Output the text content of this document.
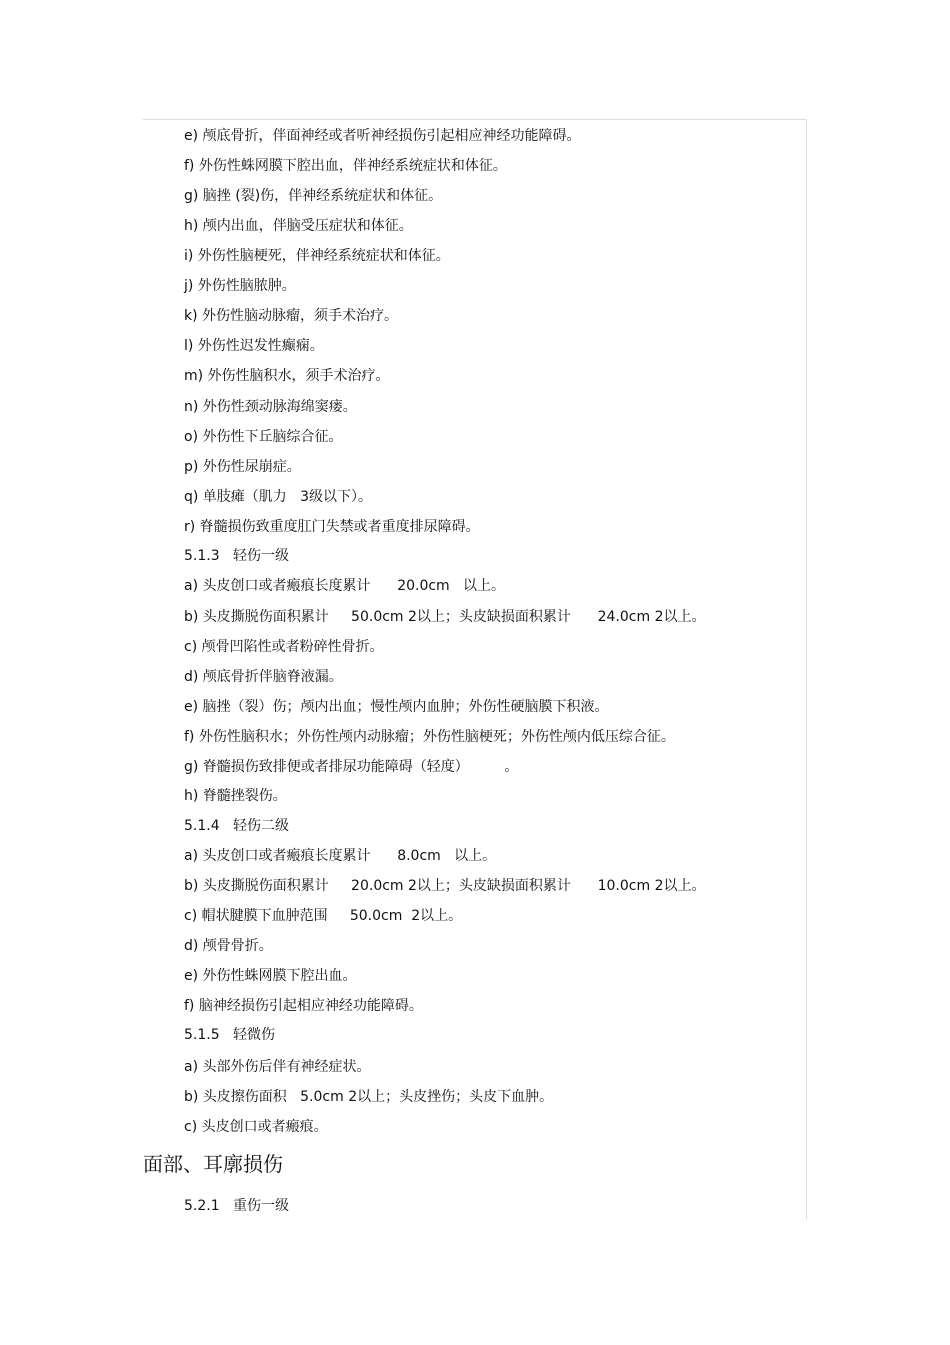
e) 颅底骨折，伴面神经或者听神经损伤引起相应神经功能障碍。
f) 外伤性蛛网膜下腔出血，伴神经系统症状和体征。
g) 脑挫 (裂)伤，伴神经系统症状和体征。
h) 颅内出血，伴脑受压症状和体征。
i) 外伤性脑梗死，伴神经系统症状和体征。
j) 外伤性脑脓肿。
k) 外伤性脑动脉瘤，须手术治疗。
l) 外伤性迟发性癫痫。
m) 外伤性脑积水，须手术治疗。
n) 外伤性颈动脉海绵窦瘘。
o) 外伤性下丘脑综合征。
p) 外伤性尿崩症。
q) 单肢瘫（肌力   3级以下）。
r) 脊髓损伤致重度肛门失禁或者重度排尿障碍。
5.1.3   轻伤一级
a) 头皮创口或者瘢痕长度累计      20.0cm   以上。
b) 头皮撕脱伤面积累计     50.0cm 2以上；头皮缺损面积累计      24.0cm 2以上。
c) 颅骨凹陷性或者粉碎性骨折。
d) 颅底骨折伴脑脊液漏。
e) 脑挫（裂）伤；颅内出血；慢性颅内血肿；外伤性硬脑膜下积液。
f) 外伤性脑积水；外伤性颅内动脉瘤；外伤性脑梗死；外伤性颅内低压综合征。
g) 脊髓损伤致排便或者排尿功能障碍（轻度）        。
h) 脊髓挫裂伤。
5.1.4   轻伤二级
a) 头皮创口或者瘢痕长度累计      8.0cm   以上。
b) 头皮撕脱伤面积累计     20.0cm 2以上；头皮缺损面积累计      10.0cm 2以上。
c) 帽状腱膜下血肿范围     50.0cm  2以上。
d) 颅骨骨折。
e) 外伤性蛛网膜下腔出血。
f) 脑神经损伤引起相应神经功能障碍。
5.1.5   轻微伤
a) 头部外伤后伴有神经症状。
b) 头皮擦伤面积   5.0cm 2以上；头皮挫伤；头皮下血肿。
c) 头皮创口或者瘢痕。
面部、耳廓损伤
5.2.1   重伤一级
